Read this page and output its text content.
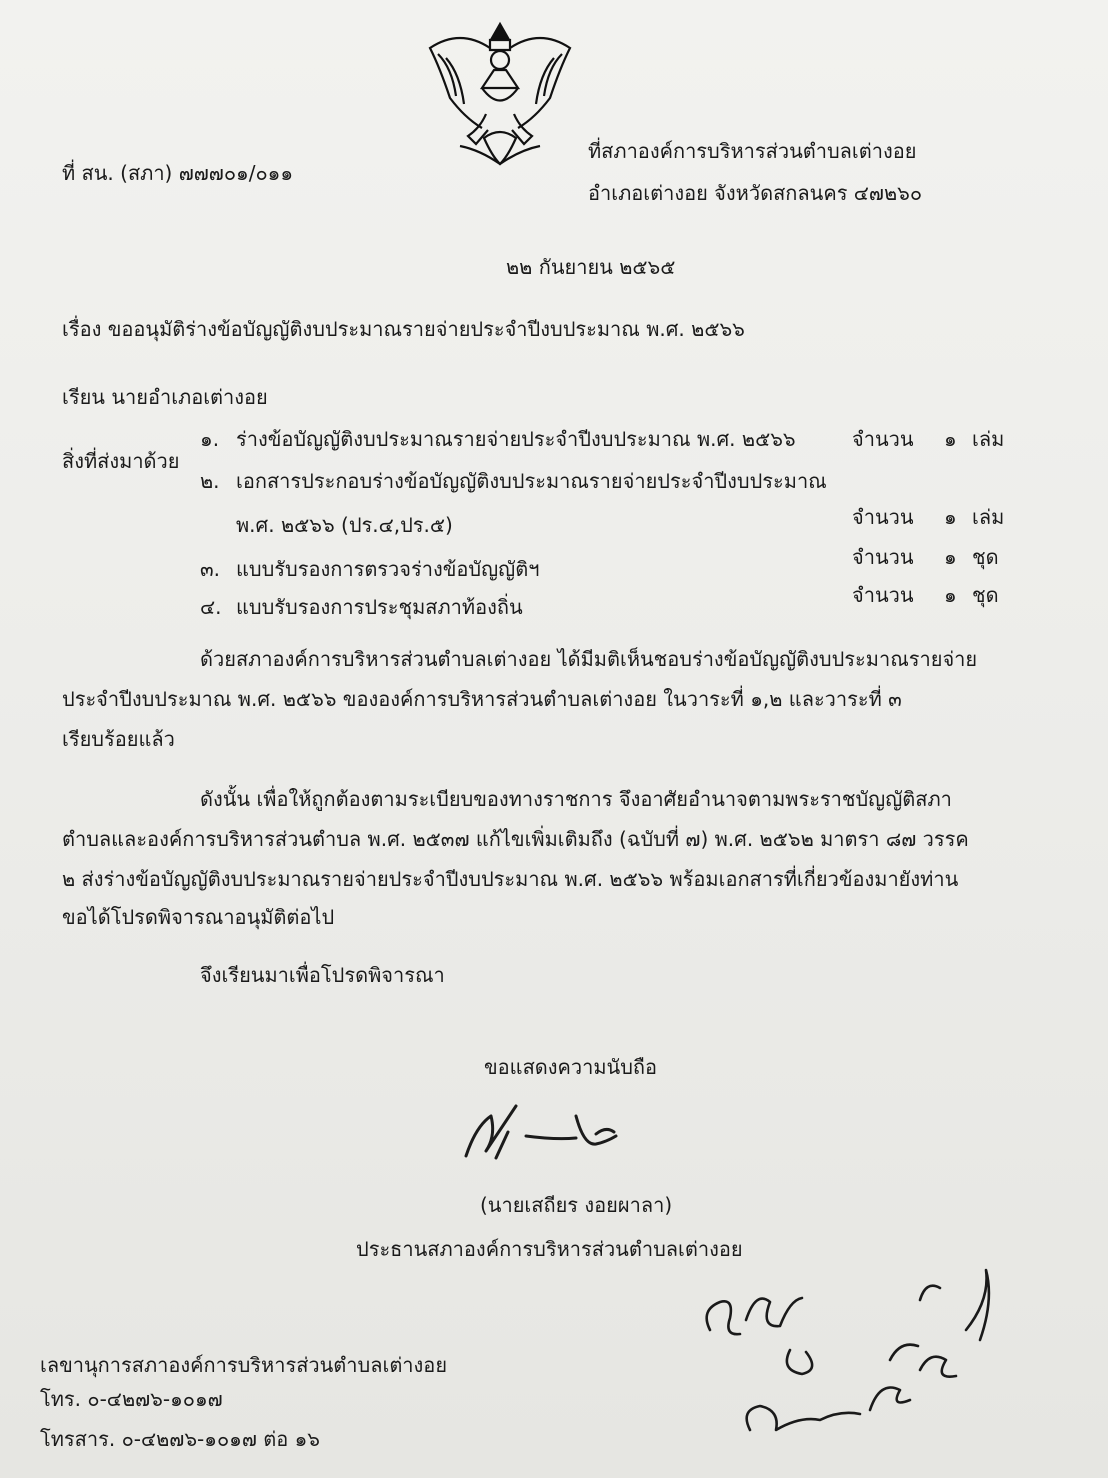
ที่ สน. (สภา) ๗๗๗๐๑/๐๑๑
ที่สภาองค์การบริหารส่วนตำบลเต่างอย
อำเภอเต่างอย จังหวัดสกลนคร ๔๗๒๖๐
๒๒ กันยายน ๒๕๖๕
เรื่อง ขออนุมัติร่างข้อบัญญัติงบประมาณรายจ่ายประจำปีงบประมาณ พ.ศ. ๒๕๖๖
เรียน นายอำเภอเต่างอย
สิ่งที่ส่งมาด้วย
๑. ร่างข้อบัญญัติงบประมาณรายจ่ายประจำปีงบประมาณ พ.ศ. ๒๕๖๖	จำนวน ๑ เล่ม
๒. เอกสารประกอบร่างข้อบัญญัติงบประมาณรายจ่ายประจำปีงบประมาณ
พ.ศ. ๒๕๖๖ (ปร.๔,ปร.๕)	จำนวน ๑ เล่ม
๓. แบบรับรองการตรวจร่างข้อบัญญัติฯ	จำนวน ๑ ชุด
๔. แบบรับรองการประชุมสภาท้องถิ่น	จำนวน ๑ ชุด
ด้วยสภาองค์การบริหารส่วนตำบลเต่างอย ได้มีมติเห็นชอบร่างข้อบัญญัติงบประมาณรายจ่าย
ประจำปีงบประมาณ พ.ศ. ๒๕๖๖ ขององค์การบริหารส่วนตำบลเต่างอย ในวาระที่ ๑,๒ และวาระที่ ๓
เรียบร้อยแล้ว
ดังนั้น เพื่อให้ถูกต้องตามระเบียบของทางราชการ จึงอาศัยอำนาจตามพระราชบัญญัติสภา
ตำบลและองค์การบริหารส่วนตำบล พ.ศ. ๒๕๓๗ แก้ไขเพิ่มเติมถึง (ฉบับที่ ๗) พ.ศ. ๒๕๖๒ มาตรา ๘๗ วรรค
๒ ส่งร่างข้อบัญญัติงบประมาณรายจ่ายประจำปีงบประมาณ พ.ศ. ๒๕๖๖ พร้อมเอกสารที่เกี่ยวข้องมายังท่าน
ขอได้โปรดพิจารณาอนุมัติต่อไป
จึงเรียนมาเพื่อโปรดพิจารณา
ขอแสดงความนับถือ
(นายเสถียร งอยผาลา)
ประธานสภาองค์การบริหารส่วนตำบลเต่างอย
เลขานุการสภาองค์การบริหารส่วนตำบลเต่างอย
โทร. ๐-๔๒๗๖-๑๐๑๗
โทรสาร. ๐-๔๒๗๖-๑๐๑๗ ต่อ ๑๖
